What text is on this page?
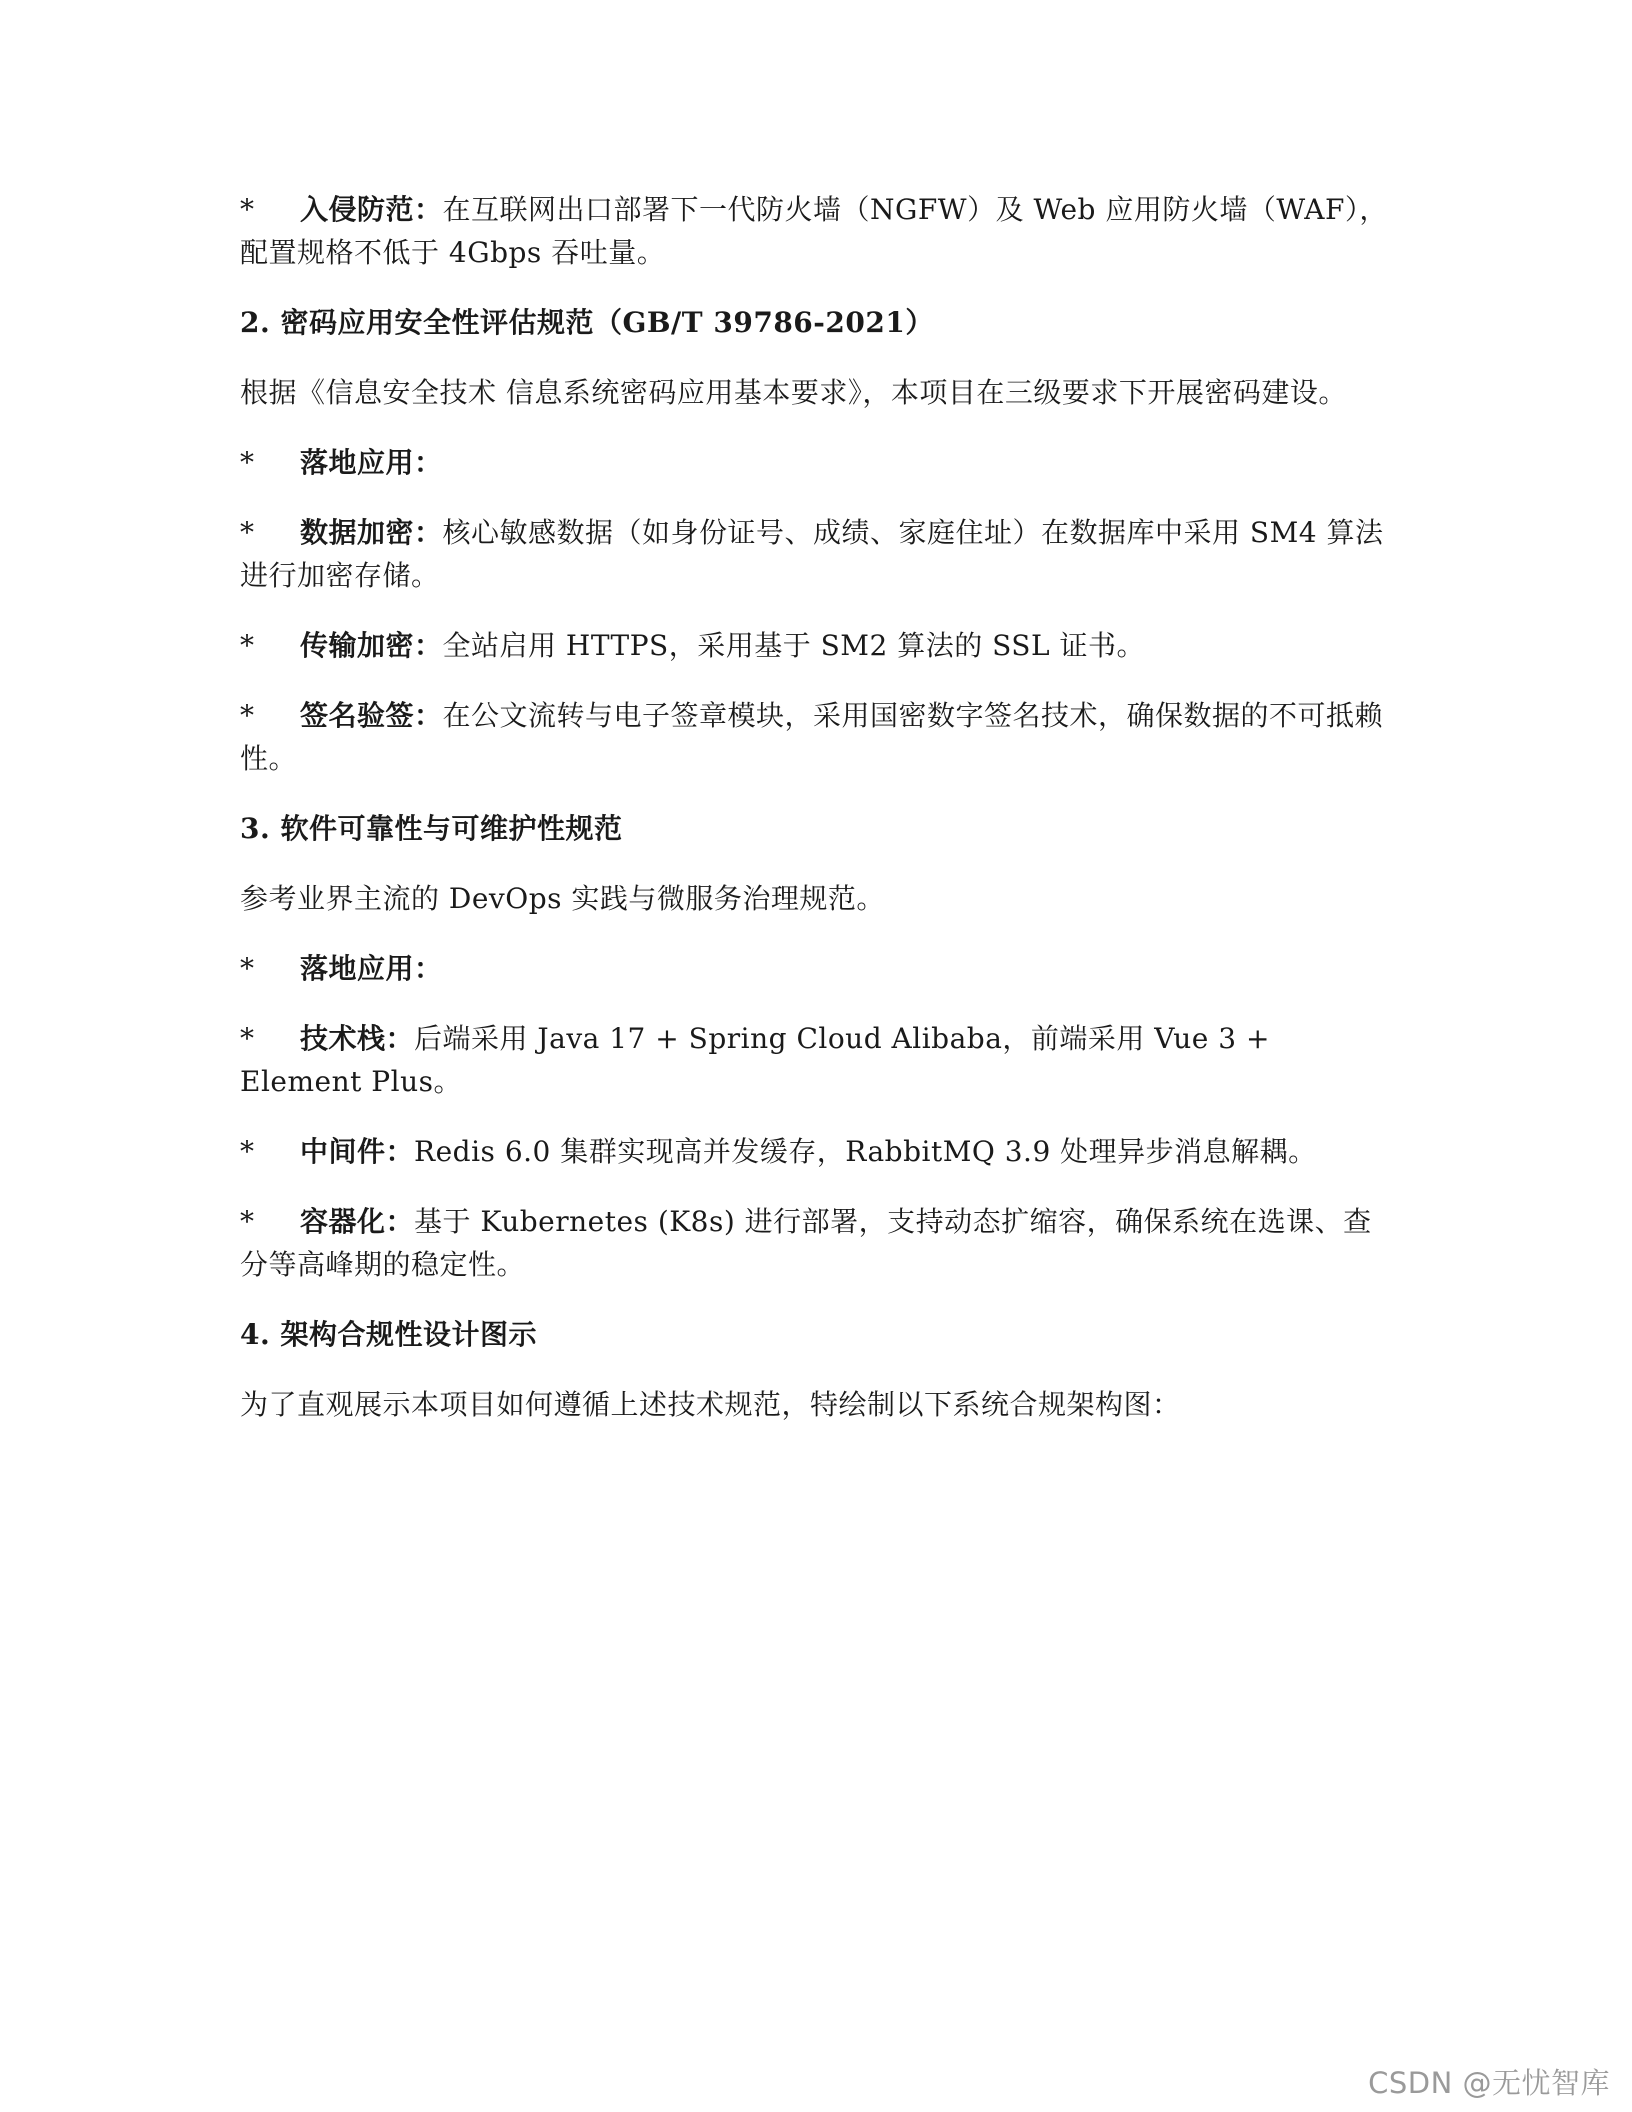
* 入侵防范：在互联网出口部署下一代防火墙（NGFW）及 Web 应用防火墙（WAF），配置规格不低于 4Gbps 吞吐量。

2. 密码应用安全性评估规范（GB/T 39786-2021）

根据《信息安全技术 信息系统密码应用基本要求》，本项目在三级要求下开展密码建设。

* 落地应用：

* 数据加密：核心敏感数据（如身份证号、成绩、家庭住址）在数据库中采用 SM4 算法进行加密存储。

* 传输加密：全站启用 HTTPS，采用基于 SM2 算法的 SSL 证书。

* 签名验签：在公文流转与电子签章模块，采用国密数字签名技术，确保数据的不可抵赖性。

3. 软件可靠性与可维护性规范

参考业界主流的 DevOps 实践与微服务治理规范。

* 落地应用：

* 技术栈：后端采用 Java 17 + Spring Cloud Alibaba，前端采用 Vue 3 + Element Plus。

* 中间件：Redis 6.0 集群实现高并发缓存，RabbitMQ 3.9 处理异步消息解耦。

* 容器化：基于 Kubernetes (K8s) 进行部署，支持动态扩缩容，确保系统在选课、查分等高峰期的稳定性。

4. 架构合规性设计图示

为了直观展示本项目如何遵循上述技术规范，特绘制以下系统合规架构图：

CSDN @无忧智库
